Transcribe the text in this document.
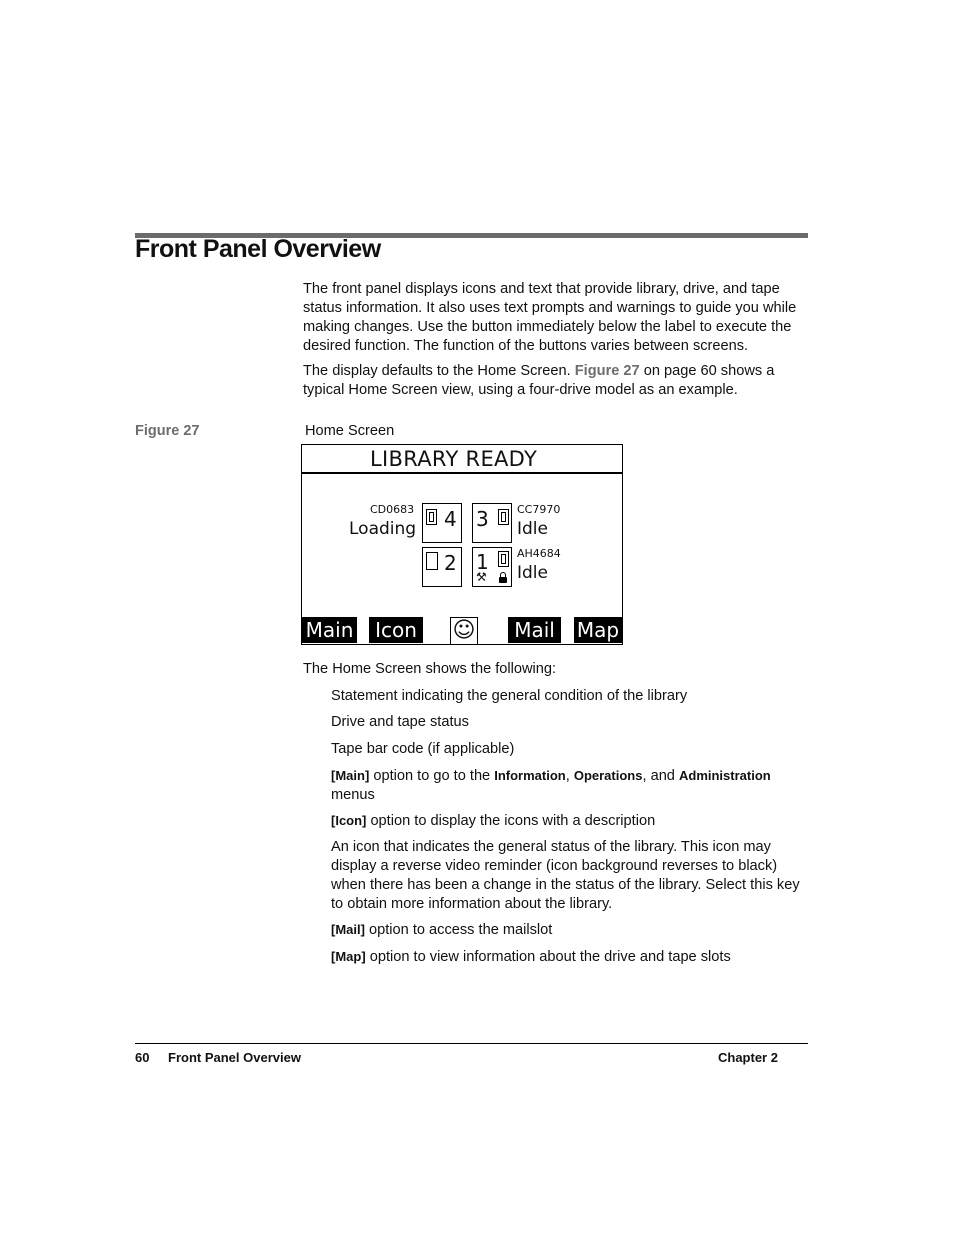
Front Panel Overview
The front panel displays icons and text that provide library, drive, and tape status information. It also uses text prompts and warnings to guide you while making changes. Use the button immediately below the label to execute the desired function. The function of the buttons varies between screens.
The display defaults to the Home Screen. Figure 27 on page 60 shows a typical Home Screen view, using a four-drive model as an example.
Figure 27	Home Screen
LIBRARY READY
CD0683
Loading 4 3	CC7970
Idle
2 1
⚒
AH4684
Idle
Main	Icon ☺	Mail	Map
The Home Screen shows the following:
Statement indicating the general condition of the library
Drive and tape status
Tape bar code (if applicable)
[Main] option to go to the Information, Operations, and Administration menus
[Icon] option to display the icons with a description
An icon that indicates the general status of the library. This icon may display a reverse video reminder (icon background reverses to black) when there has been a change in the status of the library. Select this key to obtain more information about the library.
[Mail] option to access the mailslot
[Map] option to view information about the drive and tape slots
60 Front Panel Overview	Chapter 2
